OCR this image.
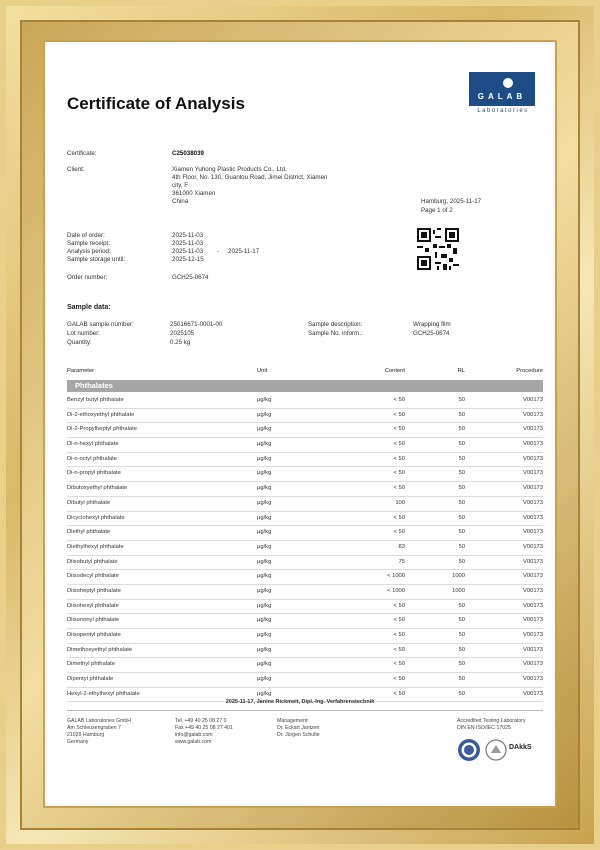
Certificate of Analysis	GALAB
Laboratories
Certificate:	C25038039
Client:	Xiamen Yuhong Plastic Products Co., Ltd.
4th Floor, No. 130, Guanlou Road, Jimei District, Xiamen
city, F
361000 Xiamen
China	Hamburg, 2025-11-17
Page 1 of 2
Date of order:	2025-11-03
Sample receipt:	2025-11-03
Analysis period:	2025-11-03 - 2025-11-17
Sample storage until:	2025-12-15
Order number:	GCH25-0674
Sample data:
GALAB sample number:	25016671-0001-00
Lot number:	2025105
Quantity:	0.25 kg
Sample description:	Wrapping film
Sample No. inform.:	GCH25-0674
Parameter	Unit	Content	RL	Procedure
Phthalates
Benzyl butyl phthalate	µg/kg	< 50	50	V00173
Di-2-ethoxyethyl phthalate	µg/kg	< 50	50	V00173
Di-2-Propylheptyl phthalate	µg/kg	< 50	50	V00173
Di-n-hexyl phthalate	µg/kg	< 50	50	V00173
Di-n-octyl phthalate	µg/kg	< 50	50	V00173
Di-n-propyl phthalate	µg/kg	< 50	50	V00173
Dibutoxyethyl phthalate	µg/kg	< 50	50	V00173
Dibutyl phthalate	µg/kg	100	50	V00173
Dicyclohexyl phthalate	µg/kg	< 50	50	V00173
Diethyl phthalate	µg/kg	< 50	50	V00173
Diethylhexyl phthalate	µg/kg	83	50	V00173
Diisobutyl phthalate	µg/kg	75	50	V00173
Diisodecyl phthalate	µg/kg	< 1000	1000	V00173
Diisoheptyl phthalate	µg/kg	< 1000	1000	V00173
Diisohexyl phthalate	µg/kg	< 50	50	V00173
Diisononyl phthalate	µg/kg	< 50	50	V00173
Diisopentyl phthalate	µg/kg	< 50	50	V00173
Dimethoxyethyl phthalate	µg/kg	< 50	50	V00173
Dimethyl phthalate	µg/kg	< 50	50	V00173
Dipentyl phthalate	µg/kg	< 50	50	V00173
Hexyl-2-ethylhexyl phthalate	µg/kg	< 50	50	V00173
2025-11-17, Janine Rickmeit, Dipl.-Ing. Verfahrenstechnik
GALAB Laboratories GmbH
Am Schleusengraben 7
21029 Hamburg
Germany
Tel. +49 40 25 08 27 0
Fax +49 40 25 08 27 401
info@galab.com
www.galab.com
Management:
Dr. Eckart Jantzen
Dr. Jürgen Schulte
Accredited Testing Laboratory
DIN EN ISO/IEC 17025
DAkkS
